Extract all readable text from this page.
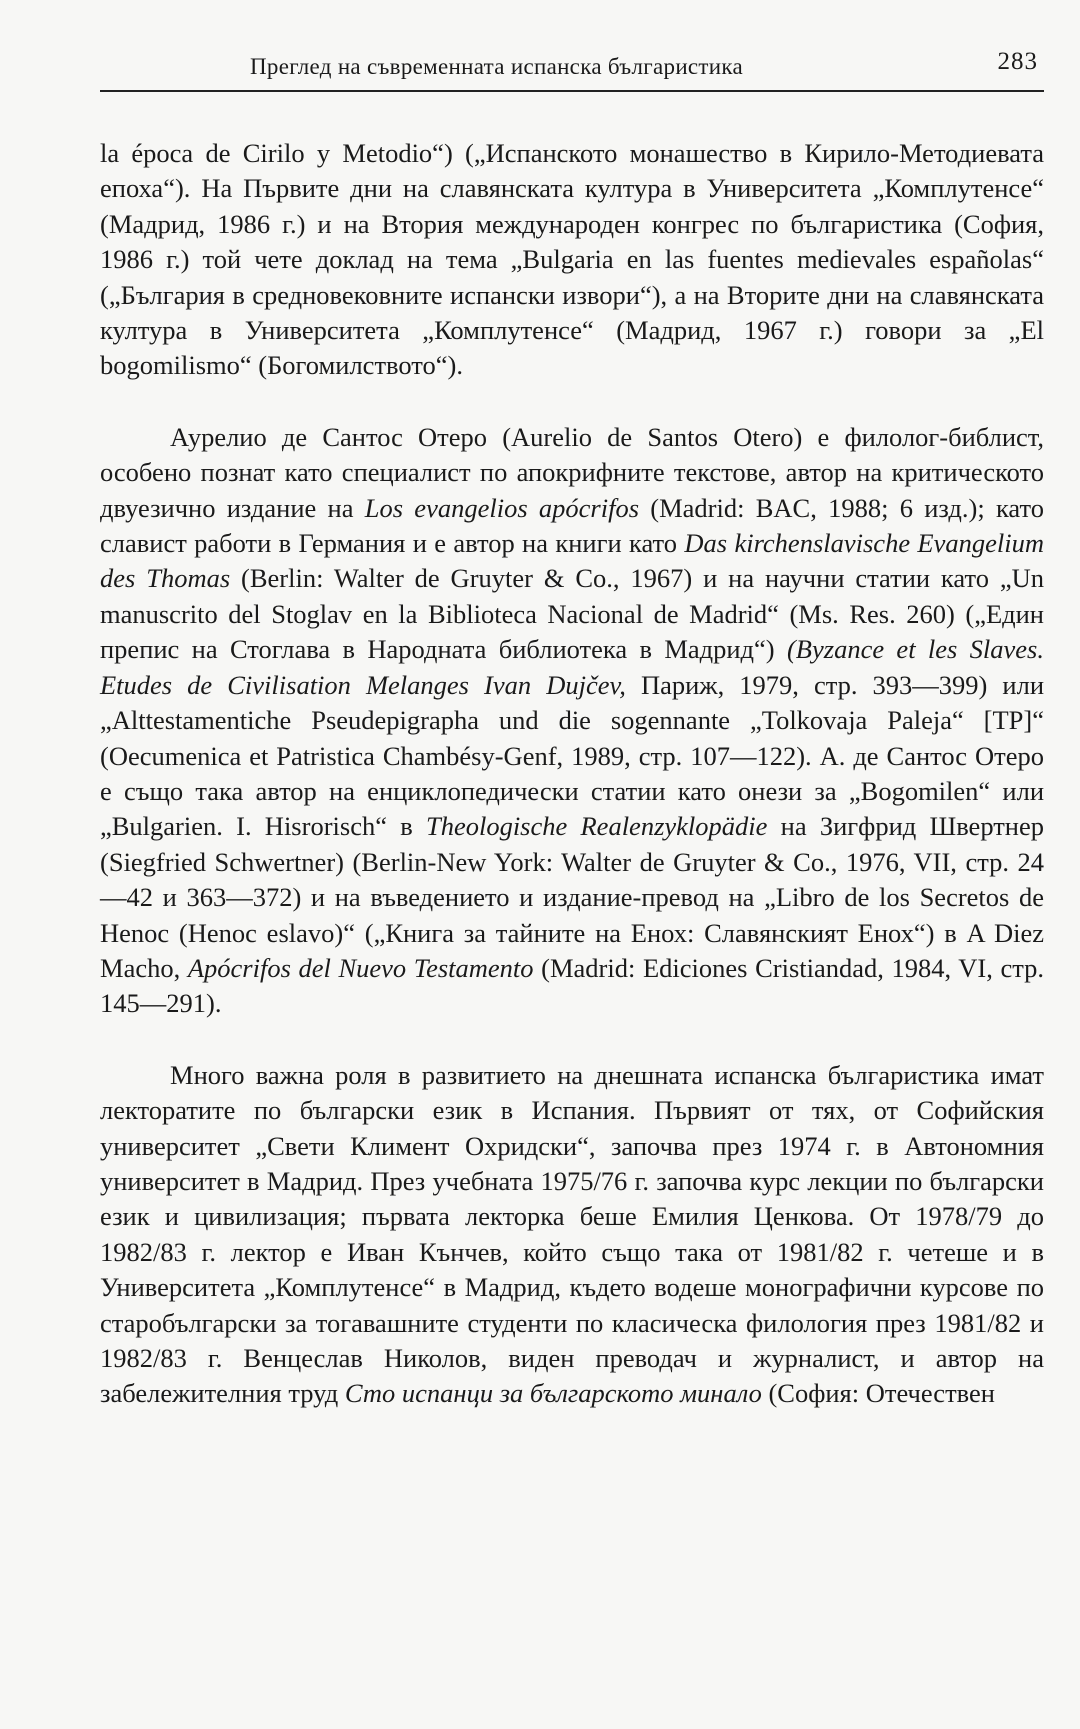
Преглед на съвременната испанска българистика	283

la época de Cirilo y Metodio“) („Испанското монашество в Кирило-Методиевата епоха“). На Първите дни на славянската култура в Университета „Комплутенсе“ (Мадрид, 1986 г.) и на Втория международен конгрес по българистика (София, 1986 г.) той чете доклад на тема „Bulgaria en las fuentes medievales españolas“ („България в средновековните испански извори“), а на Вторите дни на славянската култура в Университета „Комплутенсе“ (Мадрид, 1967 г.) говори за „El bogomilismo“ (Богомилството“).

Аурелио де Сантос Отеро (Aurelio de Santos Otero) е филолог-библист, особено познат като специалист по апокрифните текстове, автор на критическото двуезично издание на Los evangelios apócrifos (Madrid: BAC, 1988; 6 изд.); като славист работи в Германия и е автор на книги като Das kirchenslavische Evangelium des Thomas (Berlin: Walter de Gruyter & Co., 1967) и на научни статии като „Un manuscrito del Stoglav en la Biblioteca Nacional de Madrid“ (Ms. Res. 260) („Един препис на Стоглава в Народната библиотека в Мадрид“) (Byzance et les Slaves. Etudes de Civilisation Melanges Ivan Dujčev, Париж, 1979, стр. 393—399) или „Alttestamentiche Pseudepigrapha und die sogennante „Tolkovaja Paleja“ [TP]“ (Oecumenica et Patristica Chambésy-Genf, 1989, стр. 107—122). А. де Сантос Отеро е също така автор на енциклопедически статии като онези за „Bogomilen“ или „Bulgarien. I. Hisrorisch“ в Theologische Realenzyklopädie на Зигфрид Швертнер (Siegfried Schwertner) (Berlin-New York: Walter de Gruyter & Co., 1976, VII, стр. 24—42 и 363—372) и на въведението и издание-превод на „Libro de los Secretos de Henoc (Henoc eslavo)“ („Книга за тайните на Енох: Славянският Енох“) в A Diez Macho, Apócrifos del Nuevo Testamento (Madrid: Ediciones Cristiandad, 1984, VI, стр. 145—291).

Много важна роля в развитието на днешната испанска българистика имат лекторатите по български език в Испания. Първият от тях, от Софийския университет „Свети Климент Охридски“, започва през 1974 г. в Автономния университет в Мадрид. През учебната 1975/76 г. започва курс лекции по български език и цивилизация; първата лекторка беше Емилия Ценкова. От 1978/79 до 1982/83 г. лектор е Иван Кънчев, който също така от 1981/82 г. четеше и в Университета „Комплутенсе“ в Мадрид, където водеше монографични курсове по старобългарски за тогавашните студенти по класическа филология през 1981/82 и 1982/83 г. Венцеслав Николов, виден преводач и журналист, и автор на забележителния труд Сто испанци за българското минало (София: Отечествен
